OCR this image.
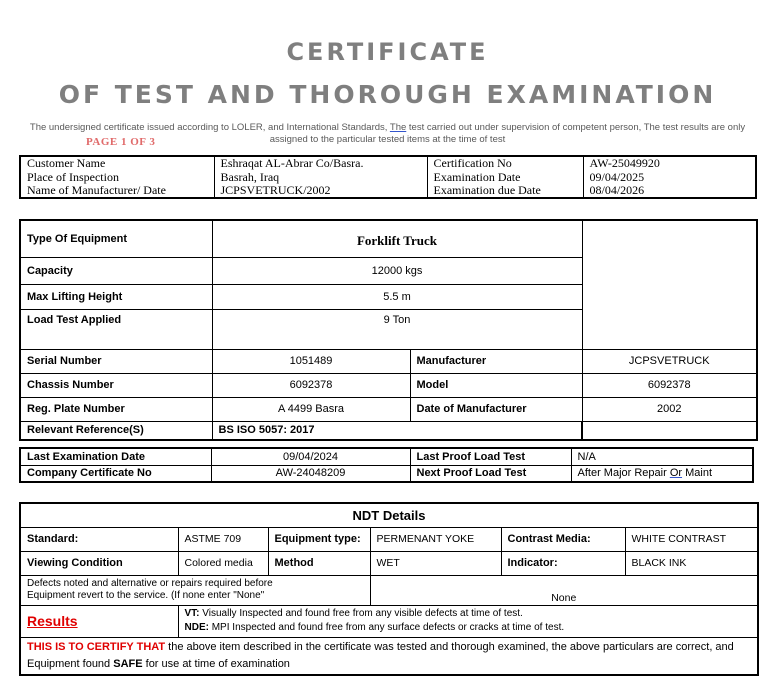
CERTIFICATE
OF TEST AND THOROUGH EXAMINATION
The undersigned certificate issued according to LOLER, and International Standards, The test carried out under supervision of competent person, The test results are only
assigned to the particular tested items at the time of test
PAGE 1 OF 3
Customer Name	Eshraqat AL-Abrar Co/Basra.	Certification No	AW-25049920
Place of Inspection	Basrah, Iraq	Examination Date	09/04/2025
Name of Manufacturer/ Date	JCPSVETRUCK/2002	Examination due Date	08/04/2026
Type Of Equipment	Forklift Truck		
Capacity	12000 kgs		
Max Lifting Height	5.5 m		
Load Test Applied	9 Ton		
Serial Number	1051489	Manufacturer	JCPSVETRUCK
Chassis Number	6092378	Model	6092378
Reg. Plate Number	A 4499 Basra	Date of Manufacturer	2002
Relevant Reference(S)	BS ISO 5057: 2017		
Last Examination Date	09/04/2024	Last Proof Load Test	N/A
Company Certificate No	AW-24048209	Next Proof Load Test	After Major Repair Or Maint
NDT Details					
Standard:	ASTME 709	Equipment type:	PERMENANT YOKE	Contrast Media:	WHITE CONTRAST
Viewing Condition	Colored media	Method	WET	Indicator:	BLACK INK
Defects noted and alternative or repairs required before
Equipment revert to the service. (If none enter "None"			None		
Results	VT: Visually Inspected and found free from any visible defects at time of test.
NDE: MPI Inspected and found free from any surface defects or cracks at time of test.				
THIS IS TO CERTIFY THAT the above item described in the certificate was tested and thorough examined, the above particulars are correct, and Equipment found SAFE for use at time of examination					
